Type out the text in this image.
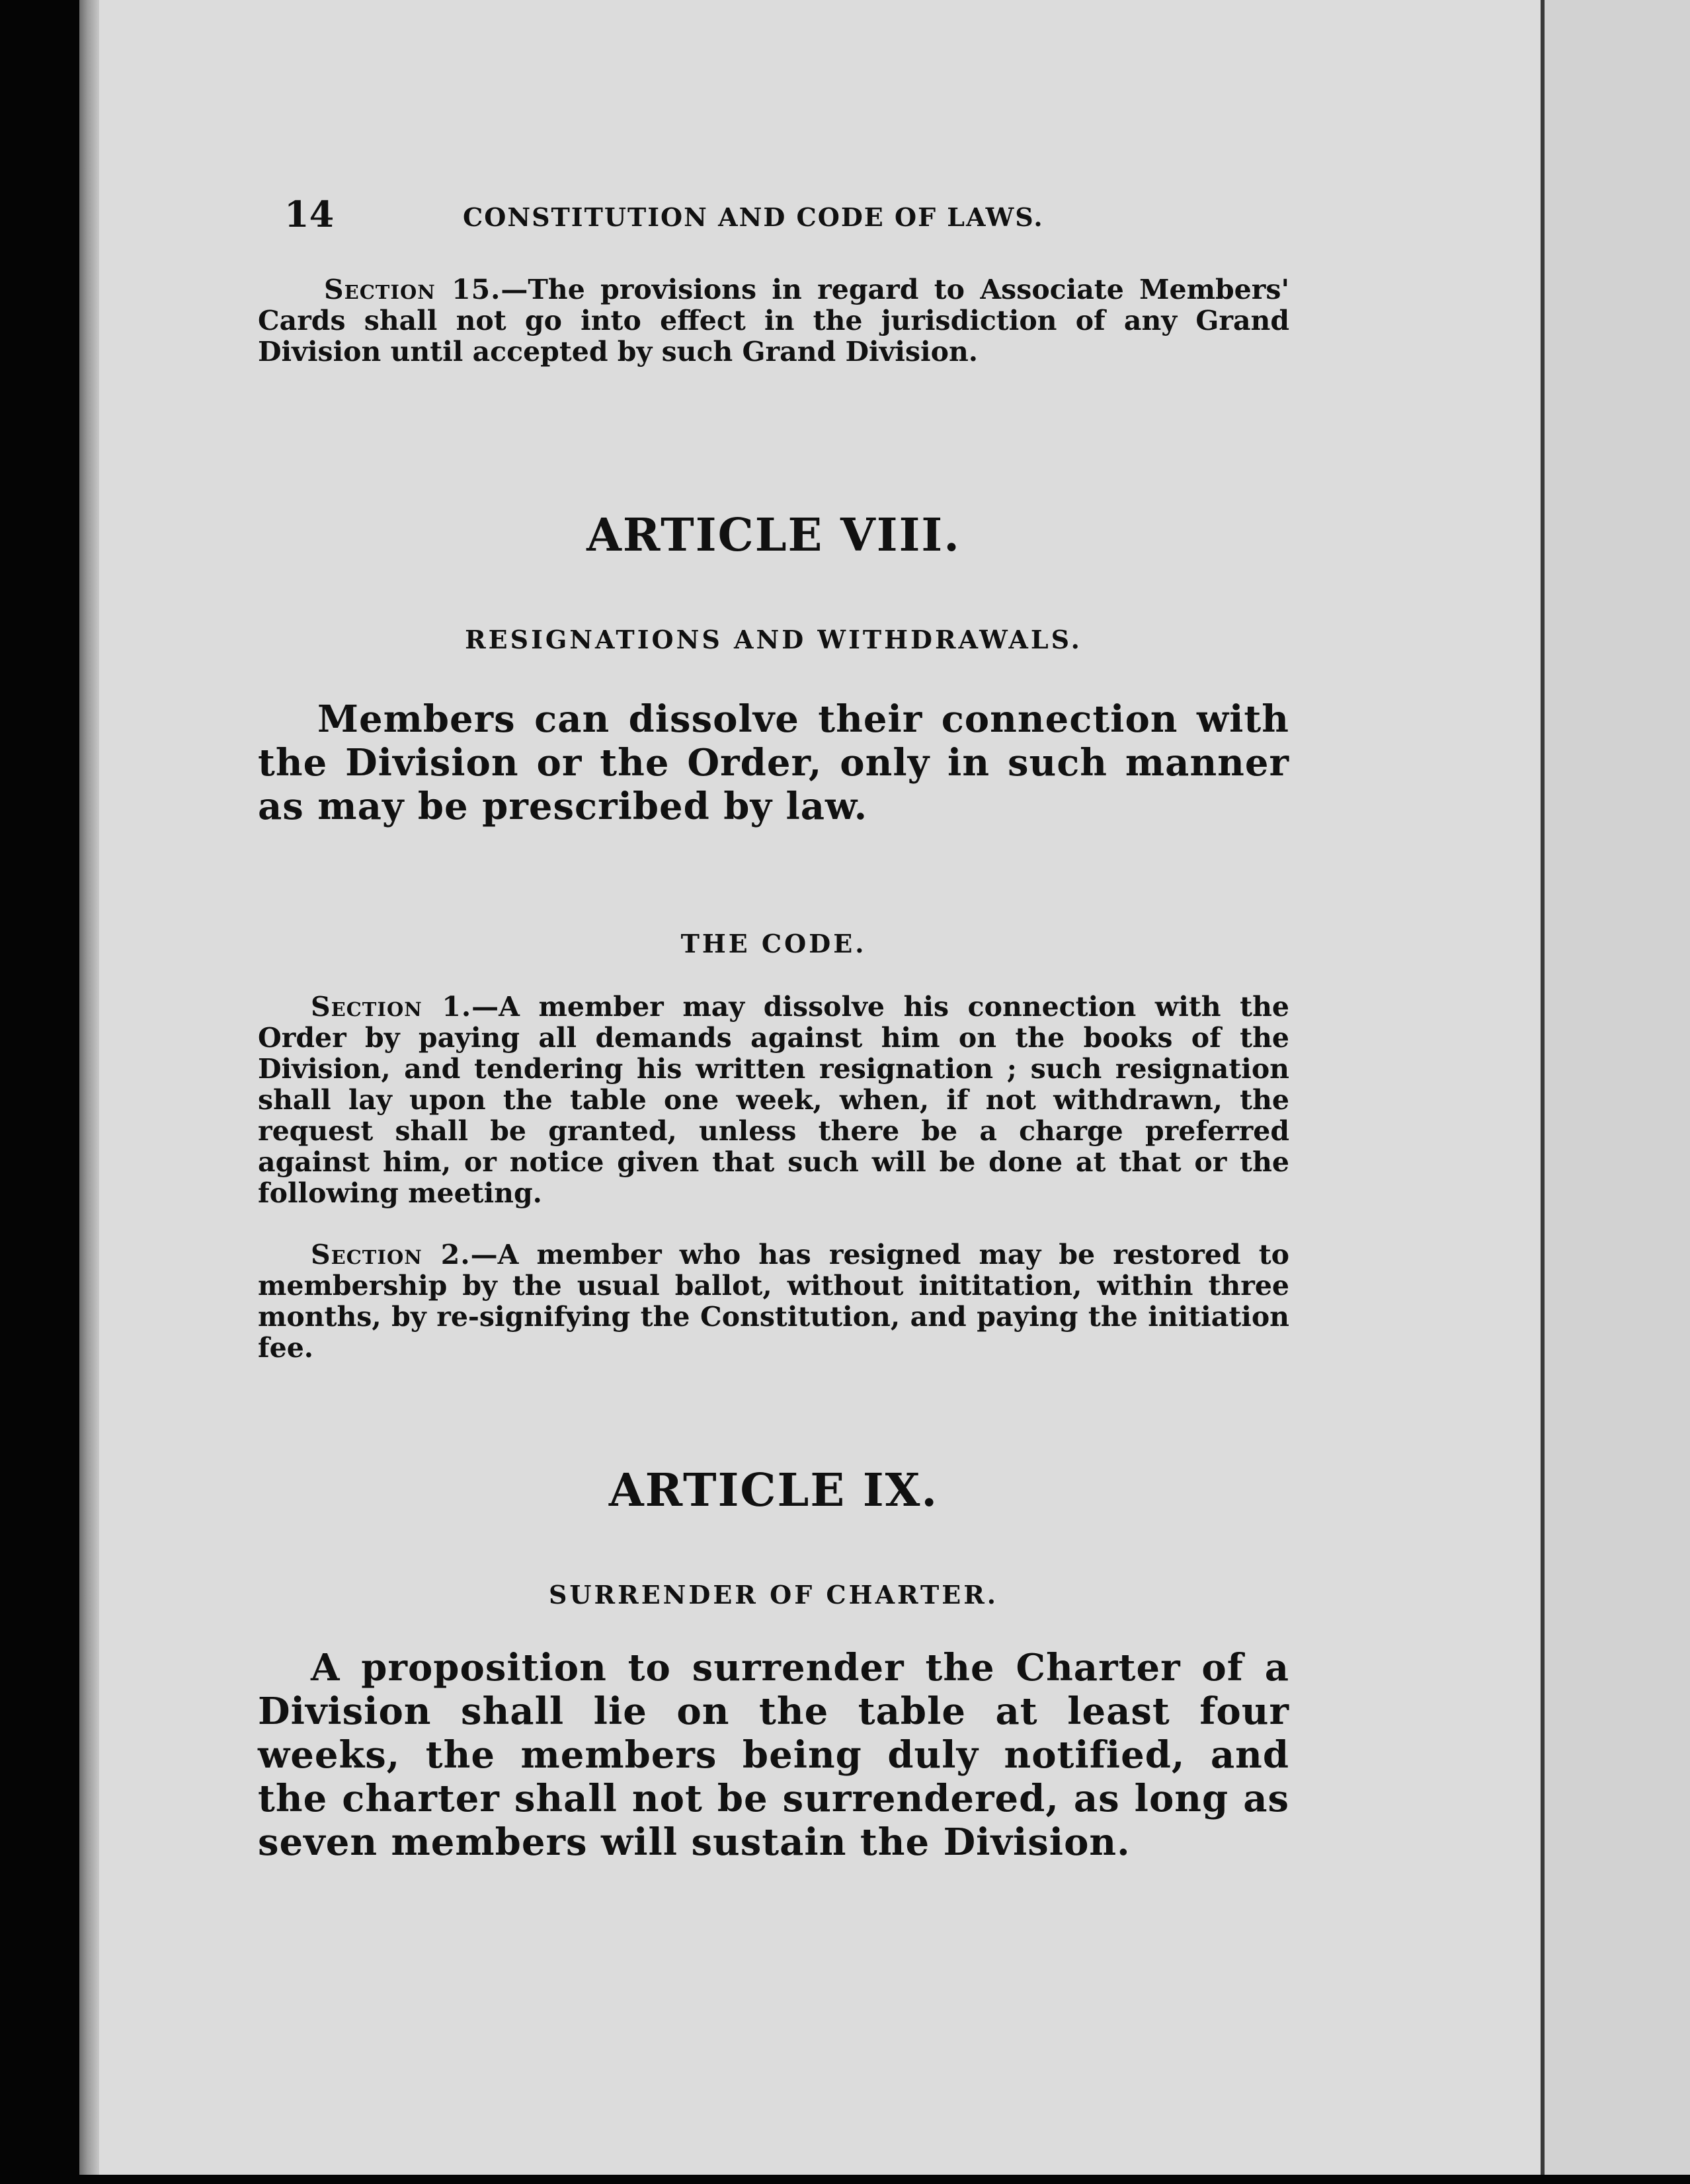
14	CONSTITUTION AND CODE OF LAWS.

Section 15.—The provisions in regard to Associate Members' Cards shall not go into effect in the jurisdiction of any Grand Division until accepted by such Grand Division.

ARTICLE VIII.
RESIGNATIONS AND WITHDRAWALS.

Members can dissolve their connection with the Division or the Order, only in such manner as may be prescribed by law.

THE CODE.

Section 1.—A member may dissolve his connection with the Order by paying all demands against him on the books of the Division, and tendering his written resignation ; such resignation shall lay upon the table one week, when, if not withdrawn, the request shall be granted, unless there be a charge preferred against him, or notice given that such will be done at that or the following meeting.

Section 2.—A member who has resigned may be restored to membership by the usual ballot, without inititation, within three months, by re-signifying the Constitution, and paying the initiation fee.

ARTICLE IX.
SURRENDER OF CHARTER.

A proposition to surrender the Charter of a Division shall lie on the table at least four weeks, the members being duly notified, and the charter shall not be surrendered, as long as seven members will sustain the Division.
